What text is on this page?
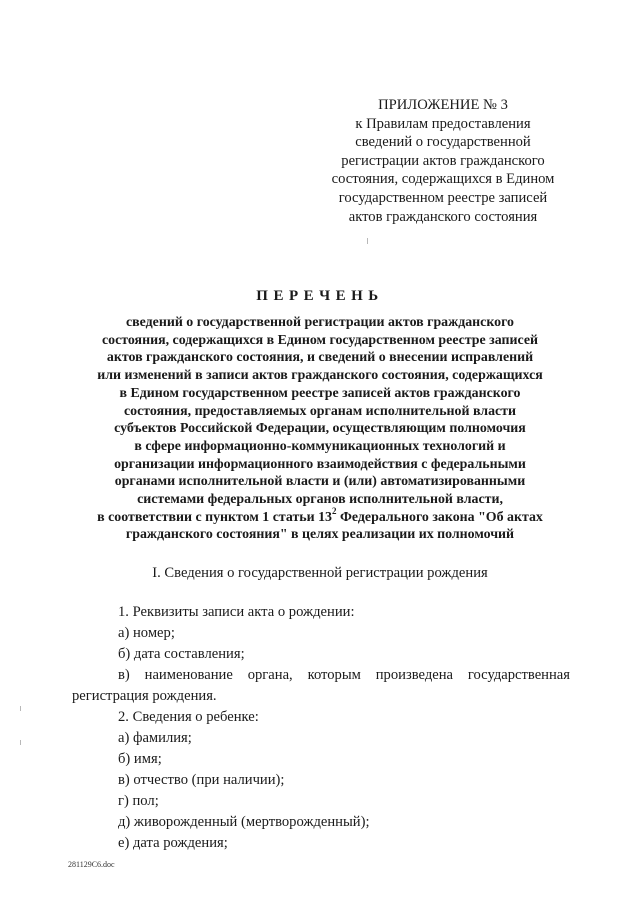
ПРИЛОЖЕНИЕ № 3
к Правилам предоставления
сведений о государственной
регистрации актов гражданского
состояния, содержащихся в Едином
государственном реестре записей
актов гражданского состояния
ПЕРЕЧЕНЬ
сведений о государственной регистрации актов гражданского
состояния, содержащихся в Едином государственном реестре записей
актов гражданского состояния, и сведений о внесении исправлений
или изменений в записи актов гражданского состояния, содержащихся
в Едином государственном реестре записей актов гражданского
состояния, предоставляемых органам исполнительной власти
субъектов Российской Федерации, осуществляющим полномочия
в сфере информационно-коммуникационных технологий и
организации информационного взаимодействия с федеральными
органами исполнительной власти и (или) автоматизированными
системами федеральных органов исполнительной власти,
в соответствии с пунктом 1 статьи $13^2$ Федерального закона "Об актах
гражданского состояния" в целях реализации их полномочий
I. Сведения о государственной регистрации рождения
1. Реквизиты записи акта о рождении:
а) номер;
б) дата составления;
в) наименование органа, которым произведена государственная
регистрация рождения.
2. Сведения о ребенке:
а) фамилия;
б) имя;
в) отчество (при наличии);
г) пол;
д) живорожденный (мертворожденный);
е) дата рождения;
281129С6.doc
